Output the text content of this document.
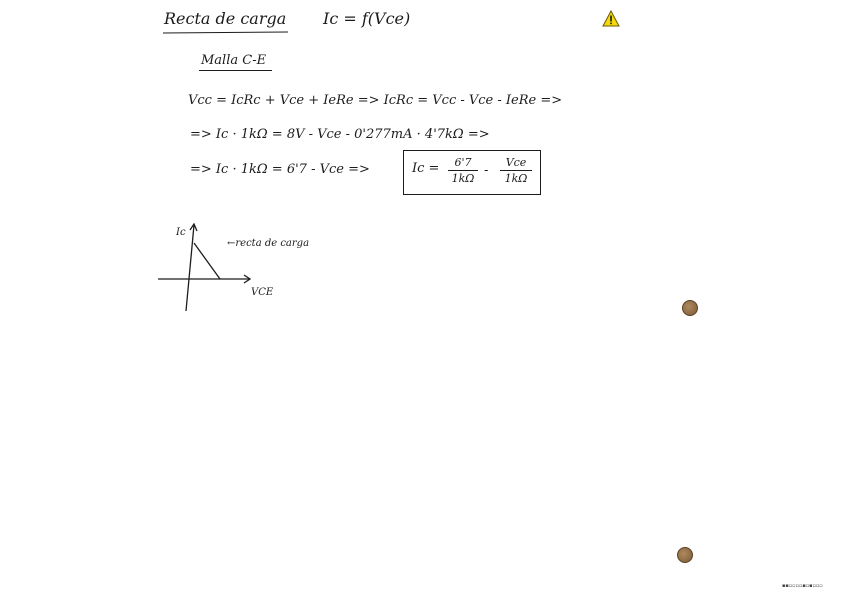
Recta de carga Ic = f(Vce)
Malla C-E
Vcc = IcRc + Vce + IeRe => IcRc = Vcc - Vce - IeRe =>
=> Ic · 1kΩ = 8V - Vce - 0'277mA · 4'7kΩ =>
=> Ic · 1kΩ = 6'7 - Vce =>	Ic =	6'7
1kΩ
-
Vce
1kΩ
Ic
VCE
←recta de carga
▪▪▫▫▫▫▪▫▪▫▫▫
